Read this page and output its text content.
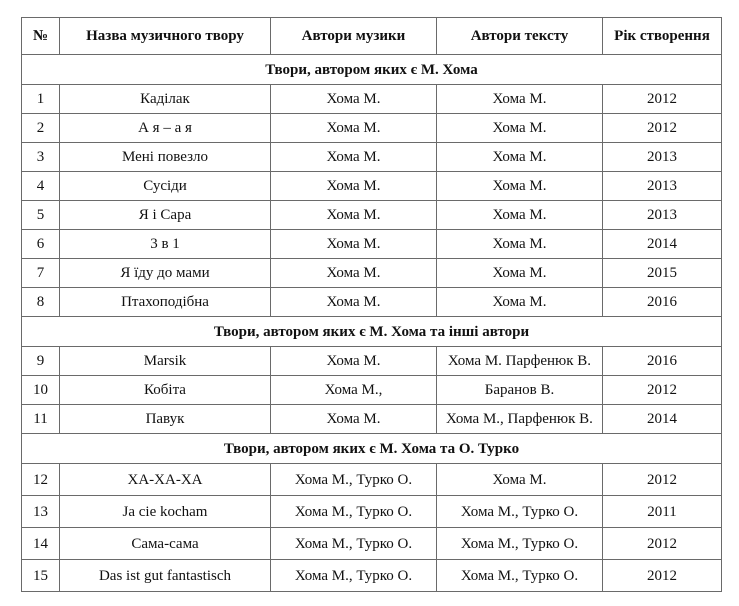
№	Назва музичного твору	Автори музики	Автори тексту	Рік створення
Твори, автором яких є М. Хома				
1	Каділак	Хома М.	Хома М.	2012
2	А я – а я	Хома М.	Хома М.	2012
3	Мені повезло	Хома М.	Хома М.	2013
4	Сусіди	Хома М.	Хома М.	2013
5	Я і Сара	Хома М.	Хома М.	2013
6	3 в 1	Хома М.	Хома М.	2014
7	Я їду до мами	Хома М.	Хома М.	2015
8	Птахоподібна	Хома М.	Хома М.	2016
Твори, автором яких є М. Хома та інші автори				
9	Marsik	Хома М.	Хома М. Парфенюк В.	2016
10	Кобіта	Хома М.,	Баранов В.	2012
11	Павук	Хома М.	Хома М., Парфенюк В.	2014
Твори, автором яких є М. Хома та О. Турко				
12	ХА-ХА-ХА	Хома М., Турко О.	Хома М.	2012
13	Ja cie kocham	Хома М., Турко О.	Хома М., Турко О.	2011
14	Сама-сама	Хома М., Турко О.	Хома М., Турко О.	2012
15	Das ist gut fantastisch	Хома М., Турко О.	Хома М., Турко О.	2012
